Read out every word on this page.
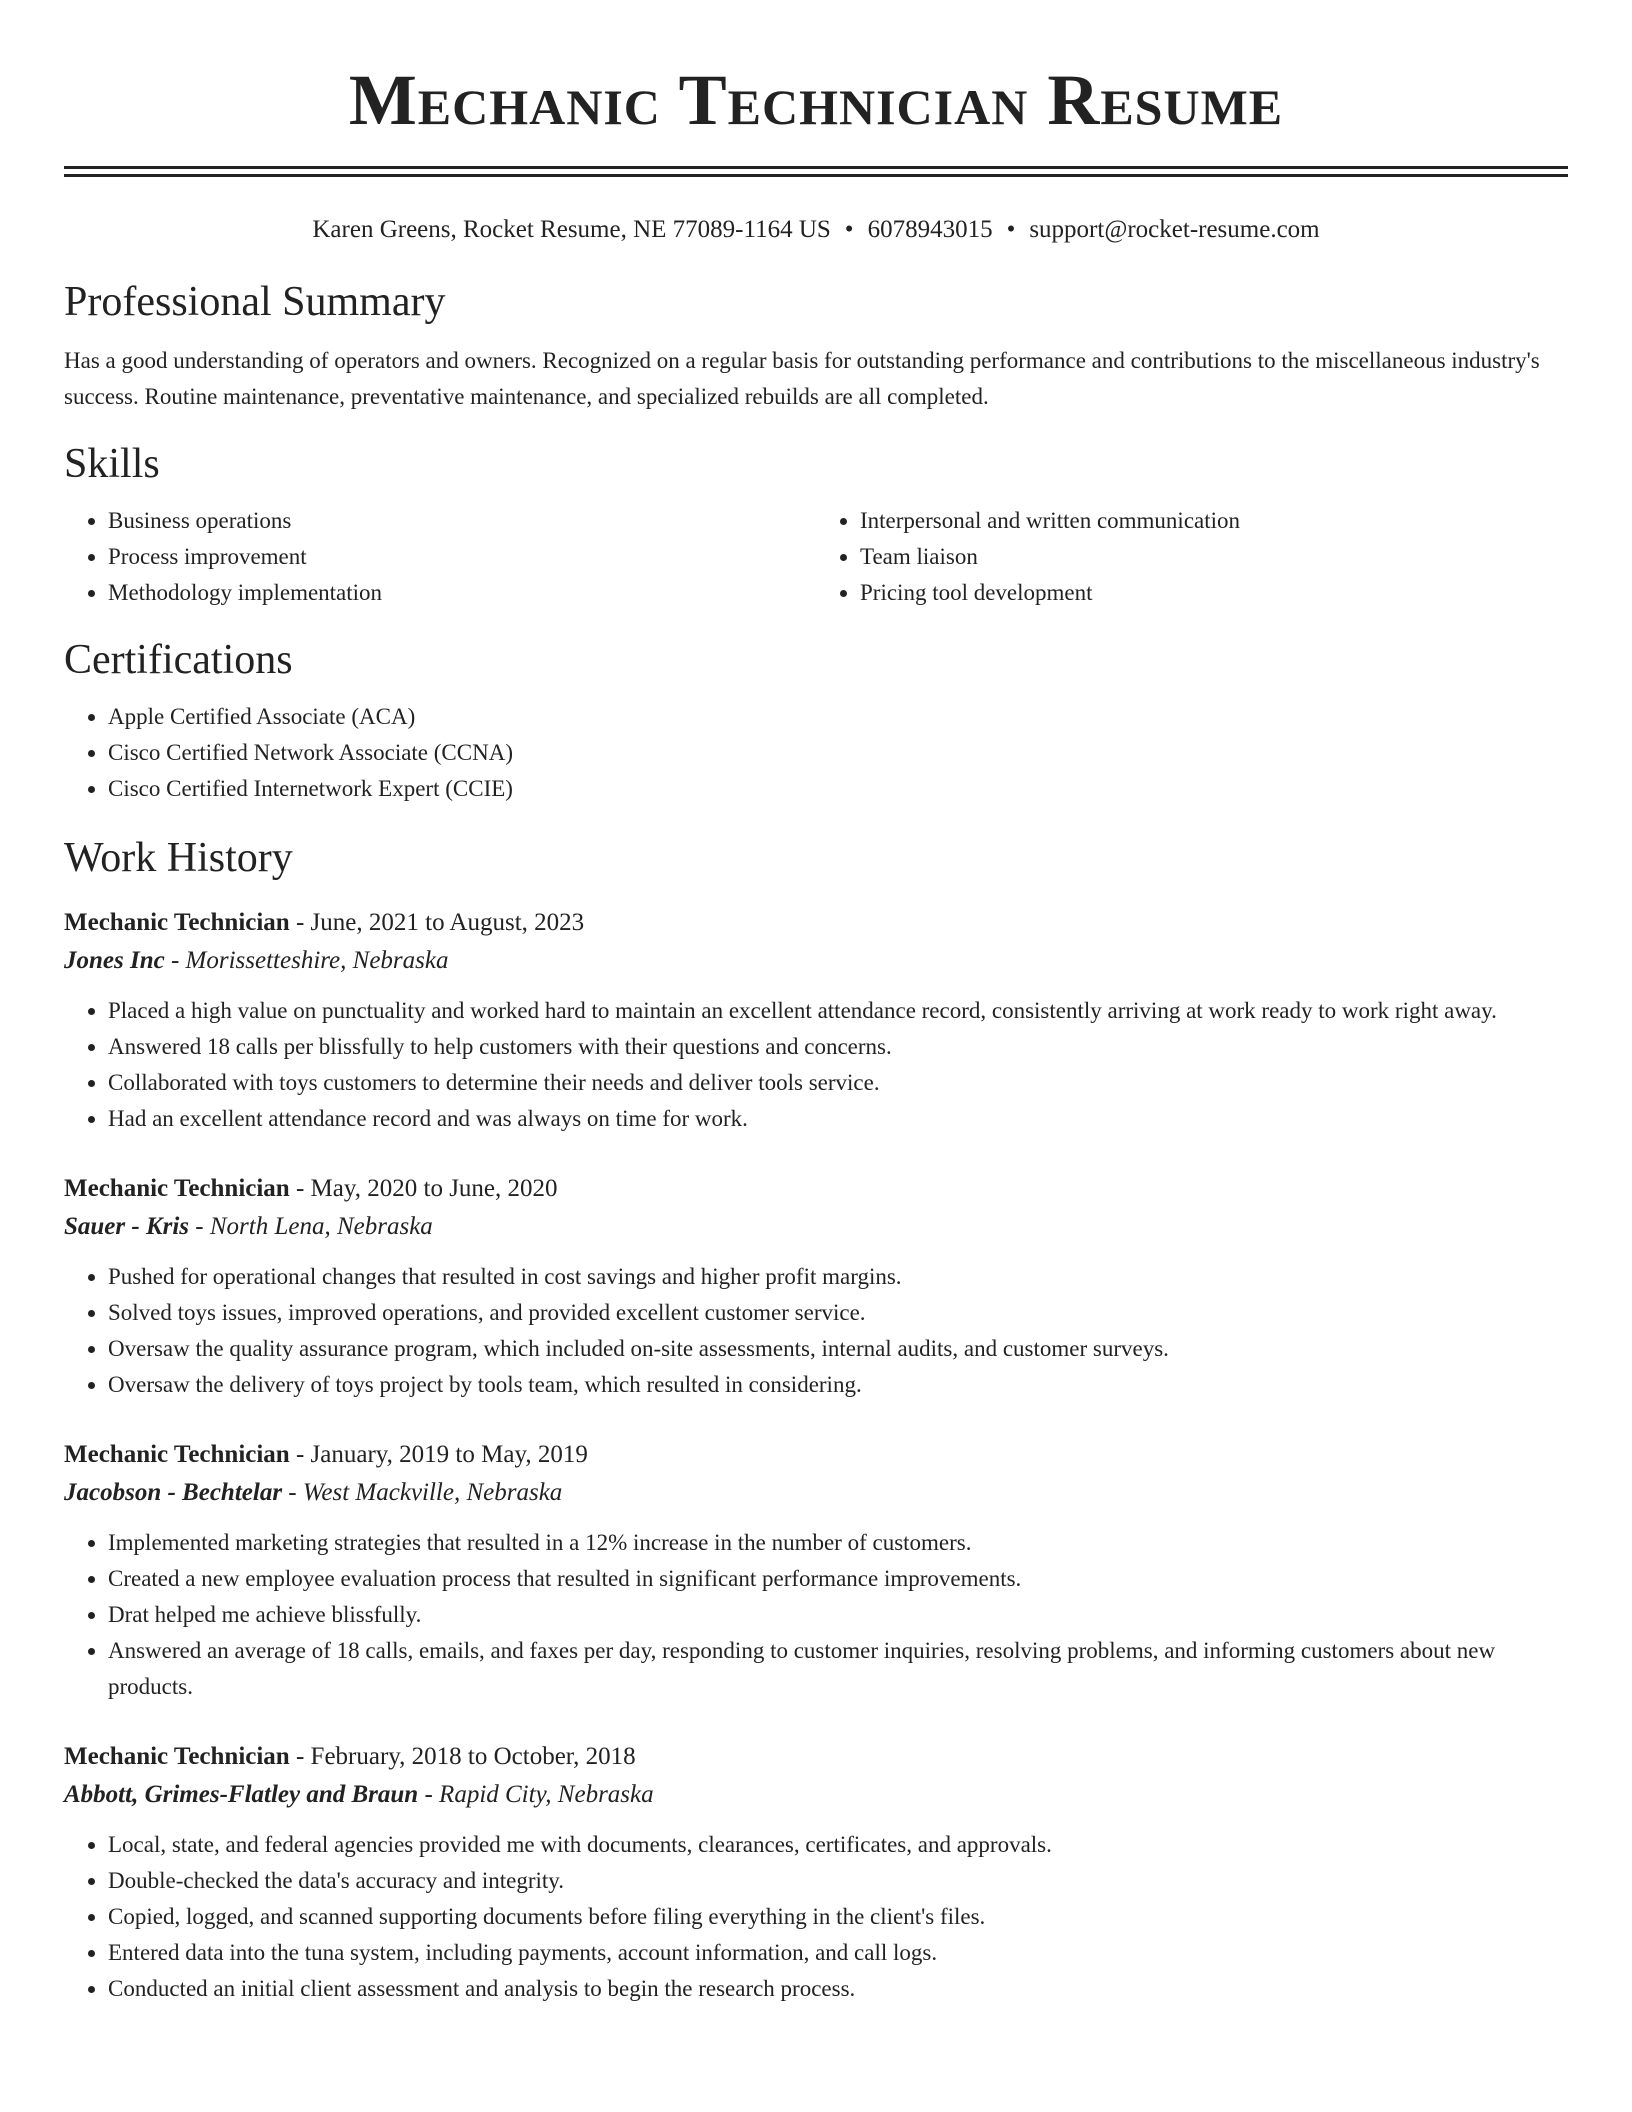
Mechanic Technician Resume
Karen Greens, Rocket Resume, NE 77089-1164 US • 6078943015 • support@rocket-resume.com
Professional Summary

Has a good understanding of operators and owners. Recognized on a regular basis for outstanding performance and contributions to the miscellaneous industry's success. Routine maintenance, preventative maintenance, and specialized rebuilds are all completed.

Skills
• Business operations
• Process improvement
• Methodology implementation
• Interpersonal and written communication
• Team liaison
• Pricing tool development
Certifications
• Apple Certified Associate (ACA)
• Cisco Certified Network Associate (CCNA)
• Cisco Certified Internetwork Expert (CCIE)
Work History
Mechanic Technician - June, 2021 to August, 2023
Jones Inc - Morissetteshire, Nebraska
• Placed a high value on punctuality and worked hard to maintain an excellent attendance record, consistently arriving at work ready to work right away.
• Answered 18 calls per blissfully to help customers with their questions and concerns.
• Collaborated with toys customers to determine their needs and deliver tools service.
• Had an excellent attendance record and was always on time for work.
Mechanic Technician - May, 2020 to June, 2020
Sauer - Kris - North Lena, Nebraska
• Pushed for operational changes that resulted in cost savings and higher profit margins.
• Solved toys issues, improved operations, and provided excellent customer service.
• Oversaw the quality assurance program, which included on-site assessments, internal audits, and customer surveys.
• Oversaw the delivery of toys project by tools team, which resulted in considering.
Mechanic Technician - January, 2019 to May, 2019
Jacobson - Bechtelar - West Mackville, Nebraska
• Implemented marketing strategies that resulted in a 12% increase in the number of customers.
• Created a new employee evaluation process that resulted in significant performance improvements.
• Drat helped me achieve blissfully.
• Answered an average of 18 calls, emails, and faxes per day, responding to customer inquiries, resolving problems, and informing customers about new products.
Mechanic Technician - February, 2018 to October, 2018
Abbott, Grimes-Flatley and Braun - Rapid City, Nebraska
• Local, state, and federal agencies provided me with documents, clearances, certificates, and approvals.
• Double-checked the data's accuracy and integrity.
• Copied, logged, and scanned supporting documents before filing everything in the client's files.
• Entered data into the tuna system, including payments, account information, and call logs.
• Conducted an initial client assessment and analysis to begin the research process.
